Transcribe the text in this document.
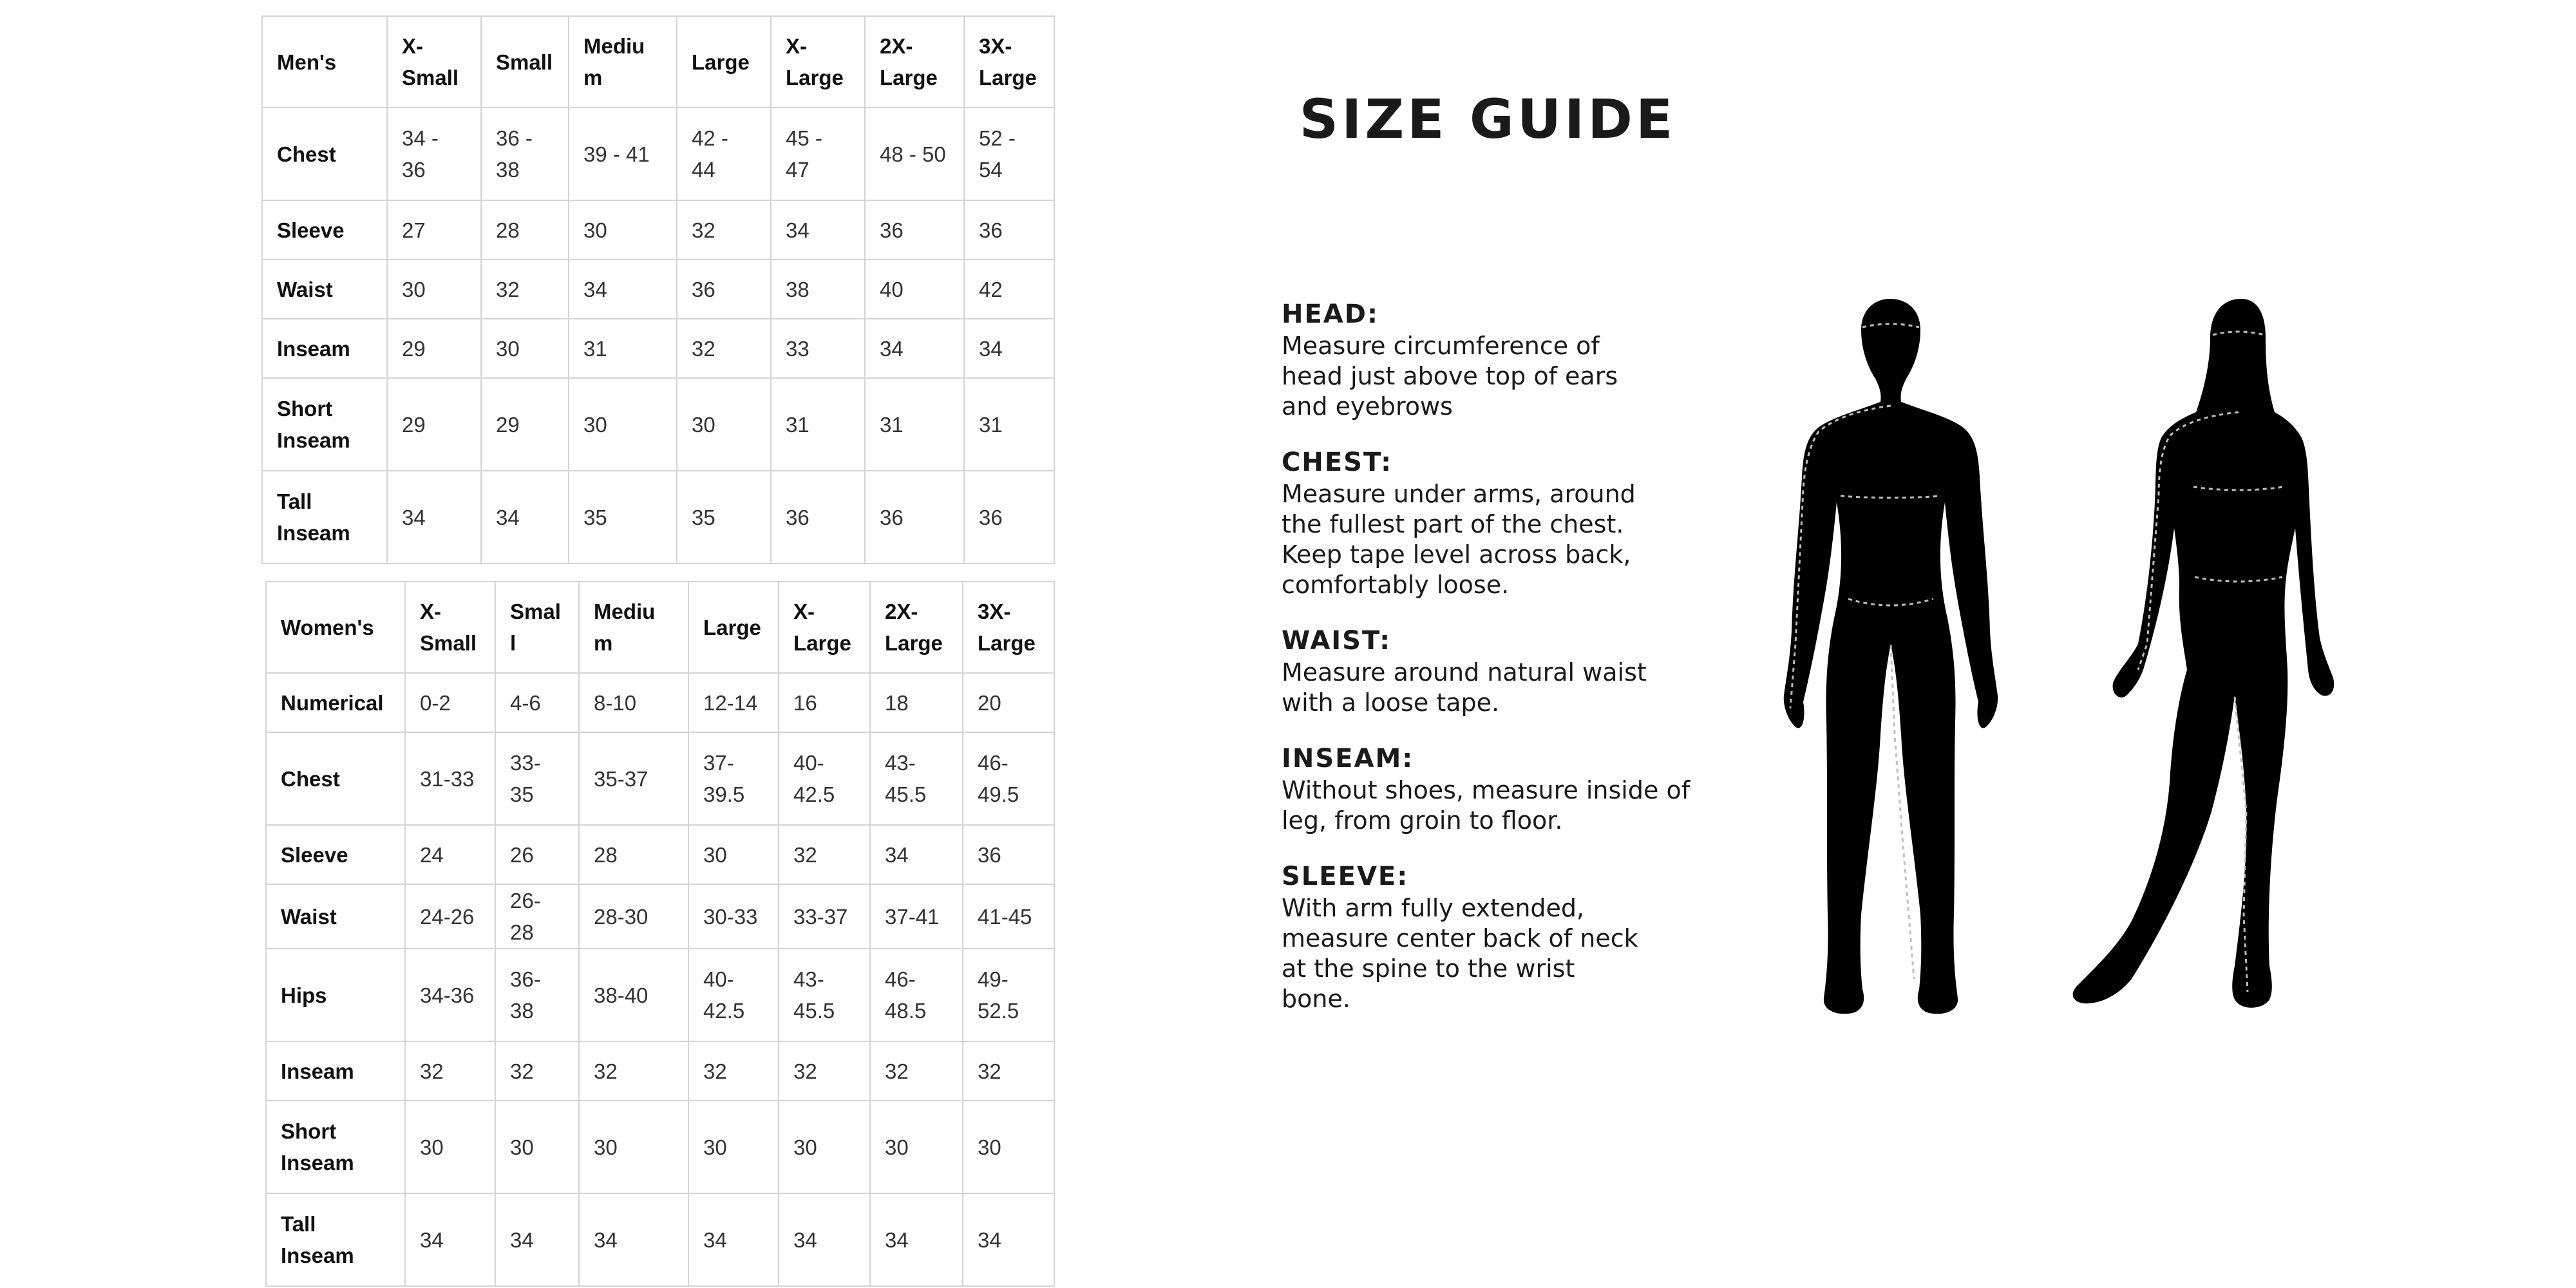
Men's	X-Small	Small	Medium	Large	X-Large	2X-Large	3X-Large
Chest	34 - 36	36 - 38	39 - 41	42 - 44	45 - 47	48 - 50	52 - 54
Sleeve	27	28	30	32	34	36	36
Waist	30	32	34	36	38	40	42
Inseam	29	30	31	32	33	34	34
Short Inseam	29	29	30	30	31	31	31
Tall Inseam	34	34	35	35	36	36	36
Women's	X-Small	Small	Medium	Large	X-Large	2X-Large	3X-Large
Numerical	0-2	4-6	8-10	12-14	16	18	20
Chest	31-33	33-35	35-37	37-39.5	40-42.5	43-45.5	46-49.5
Sleeve	24	26	28	30	32	34	36
Waist	24-26	26-28	28-30	30-33	33-37	37-41	41-45
Hips	34-36	36-38	38-40	40-42.5	43-45.5	46-48.5	49-52.5
Inseam	32	32	32	32	32	32	32
Short Inseam	30	30	30	30	30	30	30
Tall Inseam	34	34	34	34	34	34	34
SIZE GUIDE
HEAD:
Measure circumference of
head just above top of ears
and eyebrows
CHEST:
Measure under arms, around
the fullest part of the chest.
Keep tape level across back,
comfortably loose.
WAIST:
Measure around natural waist
with a loose tape.
INSEAM:
Without shoes, measure inside of
leg, from groin to floor.
SLEEVE:
With arm fully extended,
measure center back of neck
at the spine to the wrist
bone.
